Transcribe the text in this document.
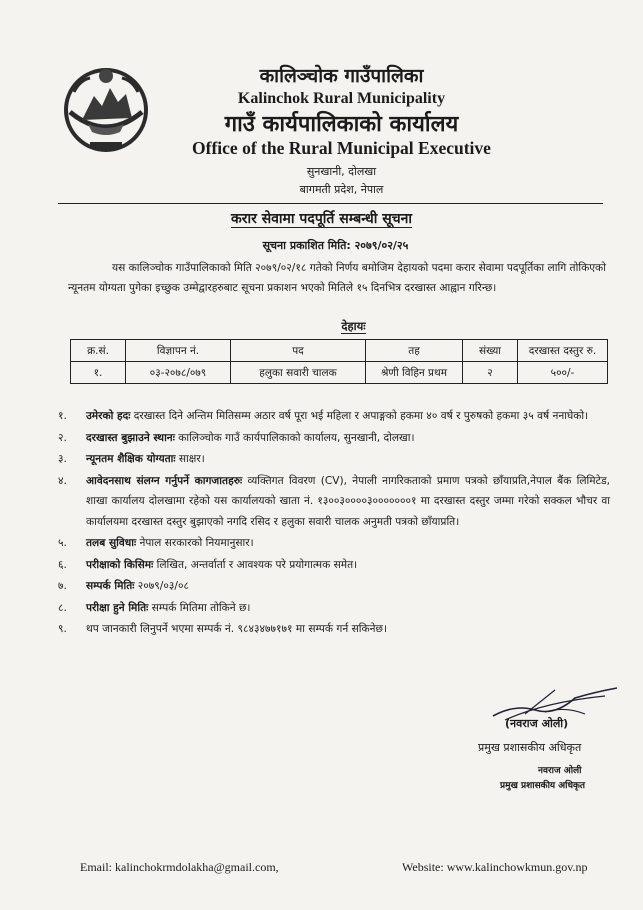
कालिञ्चोक गाउँपालिका
Kalinchok Rural Municipality
गाउँ कार्यपालिकाको कार्यालय
Office of the Rural Municipal Executive
सुनखानी, दोलखा
बागमती प्रदेश, नेपाल
करार सेवामा पदपूर्ति सम्बन्धी सूचना
सूचना प्रकाशित मिति: २०७९/०२/२५
यस कालिञ्चोक गाउँपालिकाको मिति २०७९/०२/१८ गतेको निर्णय बमोजिम देहायको पदमा करार सेवामा पदपूर्तिका लागि तोकिएको न्यूनतम योग्यता पुगेका इच्छुक उम्मेद्वारहरुबाट सूचना प्रकाशन भएको मितिले १५ दिनभित्र दरखास्त आह्वान गरिन्छ।
देहायः
क्र.सं.	विज्ञापन नं.	पद	तह	संख्या	दरखास्त दस्तुर रु.
१.	०३-२०७८/०७९	हलुका सवारी चालक	श्रेणी विहिन प्रथम	२	५००/-
१. उमेरको हदः दरखास्त दिने अन्तिम मितिसम्म अठार वर्ष पूरा भई महिला र अपाङ्गको हकमा ४० वर्ष र पुरुषको हकमा ३५ वर्ष ननाघेको।
२. दरखास्त बुझाउने स्थानः कालिञ्चोक गाउँ कार्यपालिकाको कार्यालय, सुनखानी, दोलखा।
३. न्यूनतम शैक्षिक योग्यताः साक्षर।
४. आवेदनसाथ संलग्न गर्नुपर्ने कागजातहरुः व्यक्तिगत विवरण (CV), नेपाली नागरिकताको प्रमाण पत्रको छाँयाप्रति,नेपाल बैंक लिमिटेड, शाखा कार्यालय दोलखामा रहेको यस कार्यालयको खाता नं. १३००३००००३०००००००१ मा दरखास्त दस्तुर जम्मा गरेको सक्कल भौचर वा कार्यालयमा दरखास्त दस्तुर बुझाएको नगदि रसिद र हलुका सवारी चालक अनुमती पत्रको छाँयाप्रति।
५. तलब सुविधाः नेपाल सरकारको नियमानुसार।
६. परीक्षाको किसिमः लिखित, अन्तर्वार्ता र आवश्यक परे प्रयोगात्मक समेत।
७. सम्पर्क मितिः २०७९/०३/०८
८. परीक्षा हुने मितिः सम्पर्क मितिमा तोकिने छ।
९. थप जानकारी लिनुपर्ने भएमा सम्पर्क नं. ९८४३४७७१७१ मा सम्पर्क गर्न सकिनेछ।
(नवराज ओली)
प्रमुख प्रशासकीय अधिकृत
नवराज ओली
प्रमुख प्रशासकीय अधिकृत
Email: kalinchokrmdolakha@gmail.com,	Website: www.kalinchowkmun.gov.np
